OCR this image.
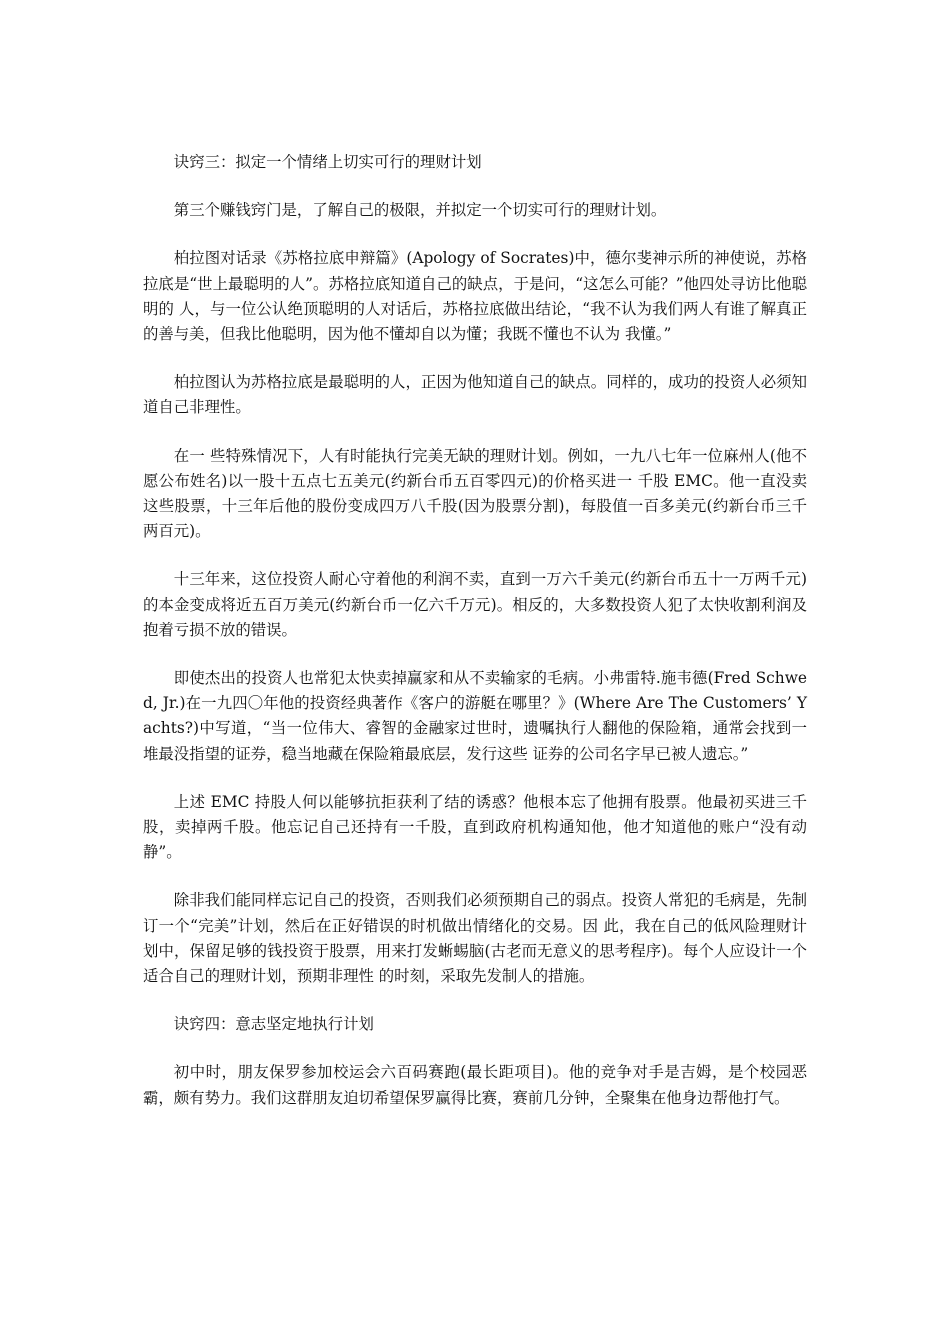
诀窍三：拟定一个情绪上切实可行的理财计划

第三个赚钱窍门是，了解自己的极限，并拟定一个切实可行的理财计划。

柏拉图对话录《苏格拉底申辩篇》(Apology of Socrates)中，德尔斐神示所的神使说，苏格拉底是“世上最聪明的人”。苏格拉底知道自己的缺点，于是问，“这怎么可能？”他四处寻访比他聪明的 人，与一位公认绝顶聪明的人对话后，苏格拉底做出结论，“我不认为我们两人有谁了解真正的善与美，但我比他聪明，因为他不懂却自以为懂；我既不懂也不认为 我懂。”

柏拉图认为苏格拉底是最聪明的人，正因为他知道自己的缺点。同样的，成功的投资人必须知道自己非理性。

在一 些特殊情况下，人有时能执行完美无缺的理财计划。例如，一九八七年一位麻州人(他不愿公布姓名)以一股十五点七五美元(约新台币五百零四元)的价格买进一 千股 EMC。他一直没卖这些股票，十三年后他的股份变成四万八千股(因为股票分割)，每股值一百多美元(约新台币三千两百元)。

十三年来，这位投资人耐心守着他的利润不卖，直到一万六千美元(约新台币五十一万两千元)的本金变成将近五百万美元(约新台币一亿六千万元)。相反的，大多数投资人犯了太快收割利润及抱着亏损不放的错误。

即使杰出的投资人也常犯太快卖掉赢家和从不卖输家的毛病。小弗雷特.施韦德(Fred Schwed, Jr.)在一九四〇年他的投资经典著作《客户的游艇在哪里？》(Where Are The Customers’ Yachts?)中写道，“当一位伟大、睿智的金融家过世时，遗嘱执行人翻他的保险箱，通常会找到一堆最没指望的证券，稳当地藏在保险箱最底层，发行这些 证券的公司名字早已被人遗忘。”

上述 EMC 持股人何以能够抗拒获利了结的诱惑？他根本忘了他拥有股票。他最初买进三千股，卖掉两千股。他忘记自己还持有一千股，直到政府机构通知他，他才知道他的账户“没有动静”。

除非我们能同样忘记自己的投资，否则我们必须预期自己的弱点。投资人常犯的毛病是，先制订一个“完美”计划，然后在正好错误的时机做出情绪化的交易。因 此，我在自己的低风险理财计划中，保留足够的钱投资于股票，用来打发蜥蜴脑(古老而无意义的思考程序)。每个人应设计一个适合自己的理财计划，预期非理性 的时刻，采取先发制人的措施。

诀窍四：意志坚定地执行计划

初中时，朋友保罗参加校运会六百码赛跑(最长距项目)。他的竞争对手是吉姆，是个校园恶霸，颇有势力。我们这群朋友迫切希望保罗赢得比赛，赛前几分钟，全聚集在他身边帮他打气。
